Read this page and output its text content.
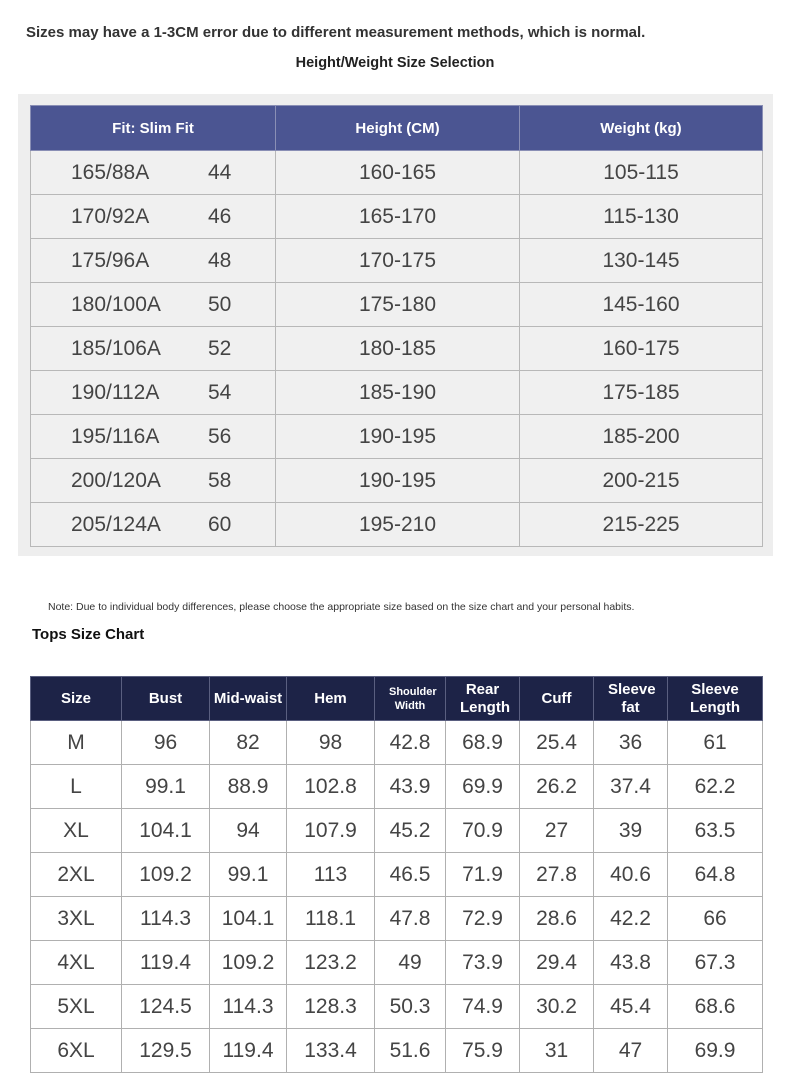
Sizes may have a 1-3CM error due to different measurement methods, which is normal.
Height/Weight Size Selection
Fit: Slim Fit	Height (CM)	Weight (kg)
165/88A 44	160-165	105-115
170/92A 46	165-170	115-130
175/96A 48	170-175	130-145
180/100A 50	175-180	145-160
185/106A 52	180-185	160-175
190/112A 54	185-190	175-185
195/116A 56	190-195	185-200
200/120A 58	190-195	200-215
205/124A 60	195-210	215-225
Note: Due to individual body differences, please choose the appropriate size based on the size chart and your personal habits.
Tops Size Chart
Size	Bust	Mid-waist	Hem	Shoulder Width	Rear Length	Cuff	Sleeve fat	Sleeve Length
M	96	82	98	42.8	68.9	25.4	36	61
L	99.1	88.9	102.8	43.9	69.9	26.2	37.4	62.2
XL	104.1	94	107.9	45.2	70.9	27	39	63.5
2XL	109.2	99.1	113	46.5	71.9	27.8	40.6	64.8
3XL	114.3	104.1	118.1	47.8	72.9	28.6	42.2	66
4XL	119.4	109.2	123.2	49	73.9	29.4	43.8	67.3
5XL	124.5	114.3	128.3	50.3	74.9	30.2	45.4	68.6
6XL	129.5	119.4	133.4	51.6	75.9	31	47	69.9
